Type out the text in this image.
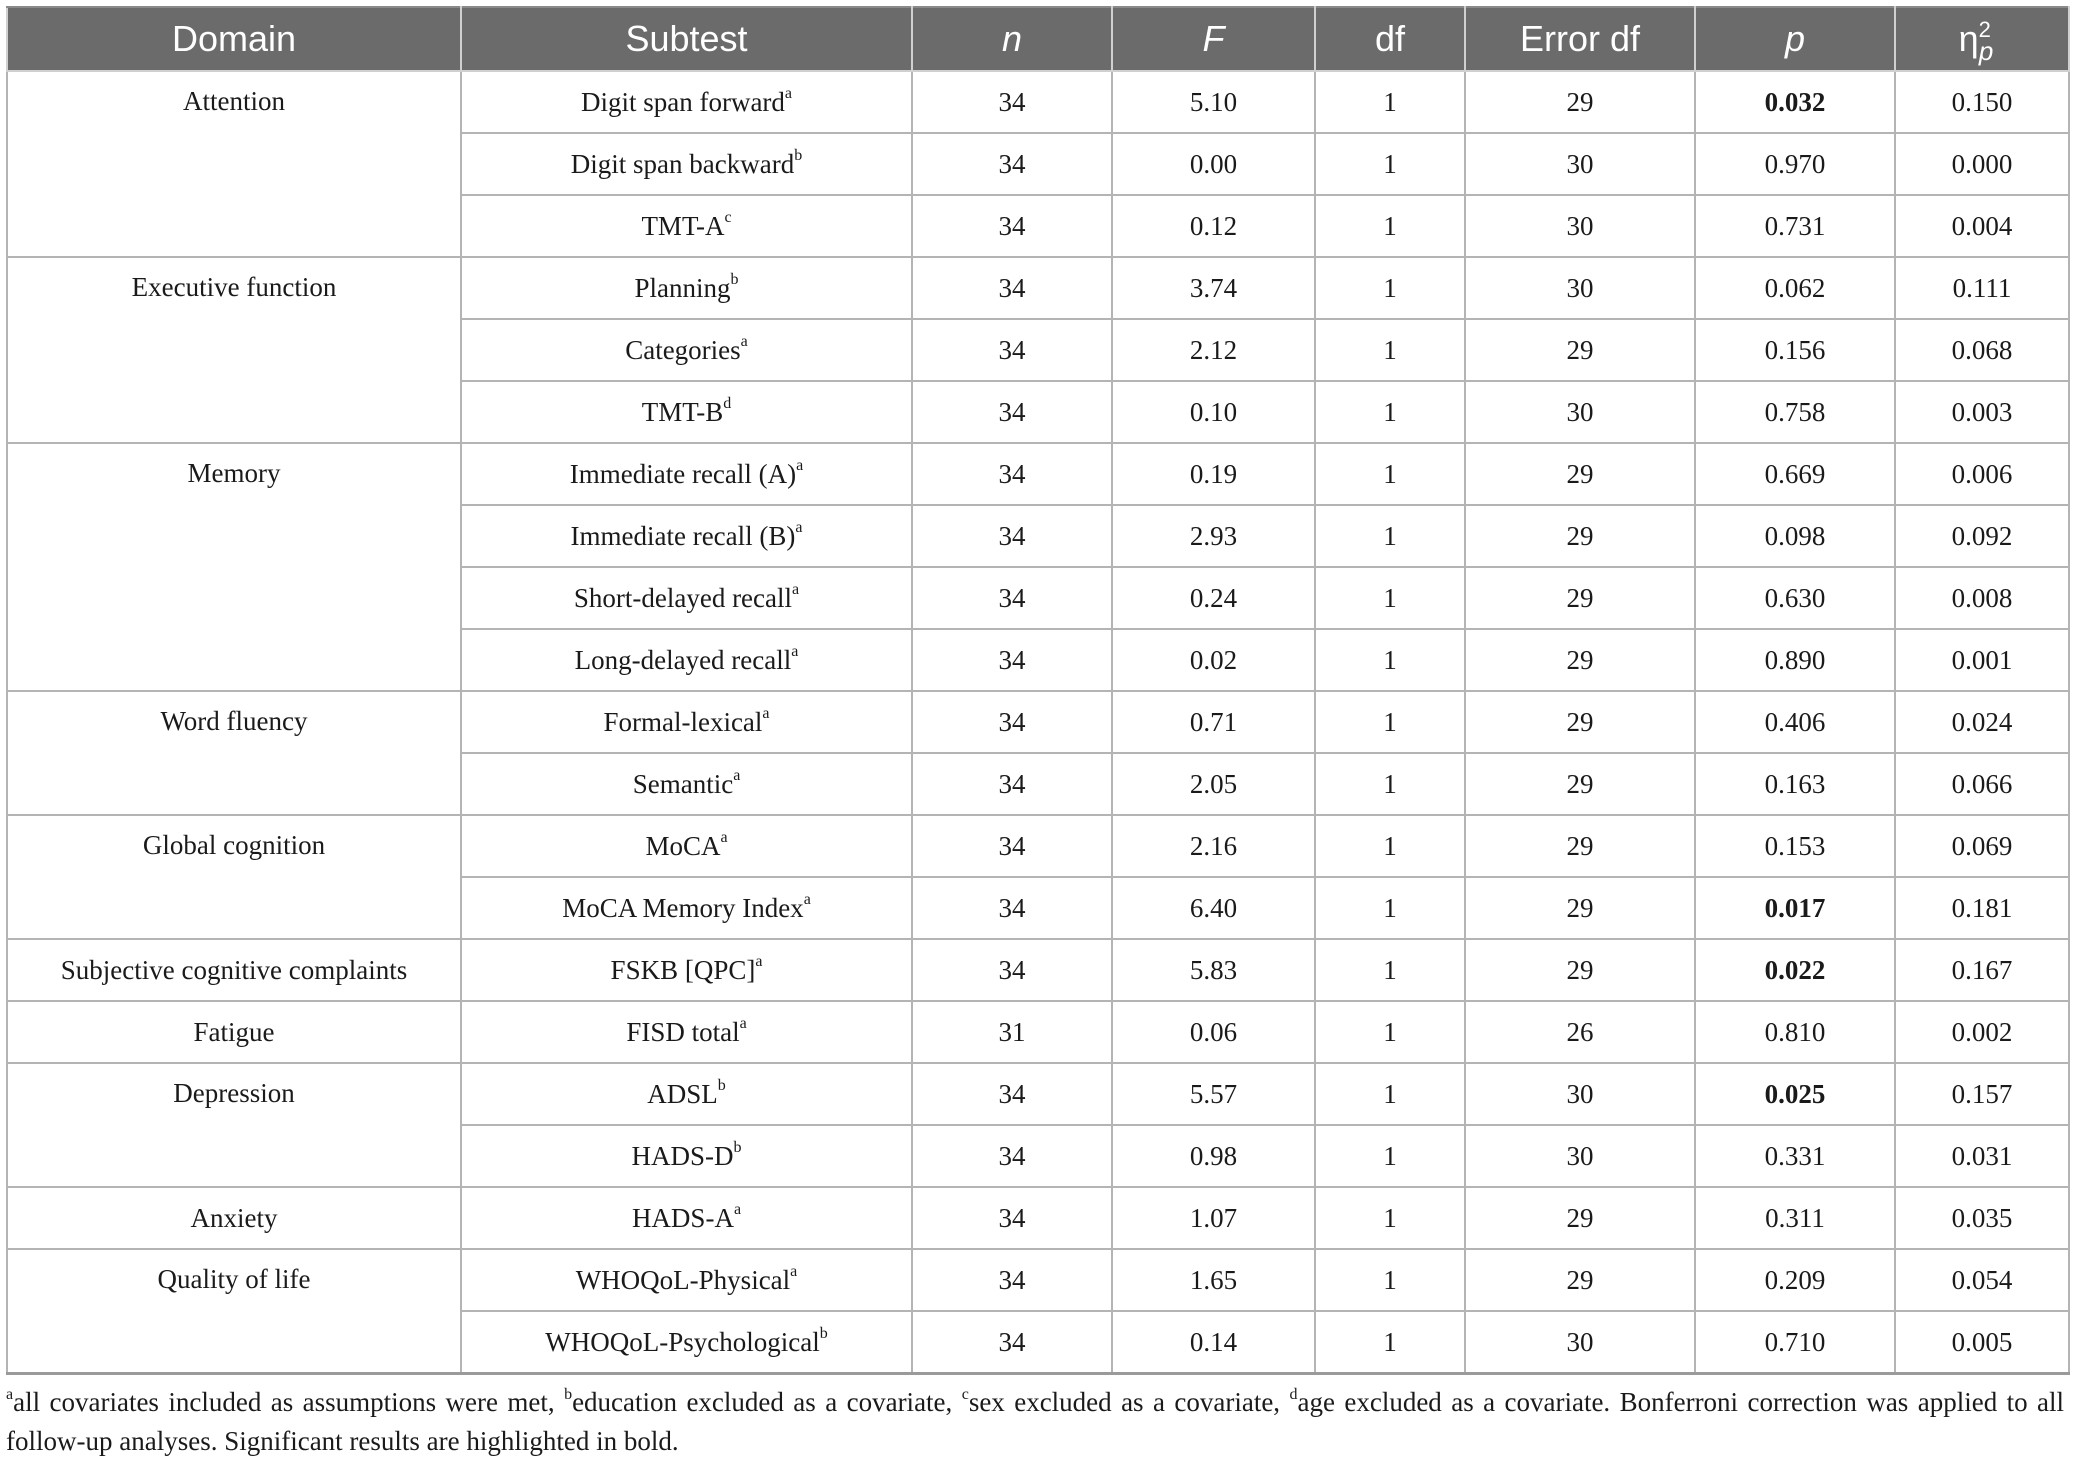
Domain	Subtest	n	F	df	Error df	p	$\eta^2_p$
Attention	Digit span forward$^a$	34	5.10	1	29	0.032	0.150
	Digit span backward$^b$	34	0.00	1	30	0.970	0.000
	TMT-$A^c$	34	0.12	1	30	0.731	0.004
Executive function	Planning$^b$	34	3.74	1	30	0.062	0.111
	Categories$^a$	34	2.12	1	29	0.156	0.068
	TMT-$B^d$	34	0.10	1	30	0.758	0.003
Memory	Immediate recall $(A)^a$	34	0.19	1	29	0.669	0.006
	Immediate recall $(B)^a$	34	2.93	1	29	0.098	0.092
	Short-delayed recall$^a$	34	0.24	1	29	0.630	0.008
	Long-delayed recall$^a$	34	0.02	1	29	0.890	0.001
Word fluency	Formal-lexical$^a$	34	0.71	1	29	0.406	0.024
	Semantic$^a$	34	2.05	1	29	0.163	0.066
Global cognition	MoCA$^a$	34	2.16	1	29	0.153	0.069
	MoCA Memory Index$^a$	34	6.40	1	29	0.017	0.181
Subjective cognitive complaints	FSKB [QPC]$^a$	34	5.83	1	29	0.022	0.167
Fatigue	FISD total$^a$	31	0.06	1	26	0.810	0.002
Depression	ADSL$^b$	34	5.57	1	30	0.025	0.157
	HADS-$D^b$	34	0.98	1	30	0.331	0.031
Anxiety	HADS-$A^a$	34	1.07	1	29	0.311	0.035
Quality of life	WHOQoL-Physical$^a$	34	1.65	1	29	0.209	0.054
	WHOQoL-Psychological$^b$	34	0.14	1	30	0.710	0.005
$^a$all covariates included as assumptions were met, $^b$education excluded as a covariate, $^c$sex excluded as a covariate, $^d$age excluded as a covariate. Bonferroni correction was applied to all follow-up analyses. Significant results are highlighted in bold.
